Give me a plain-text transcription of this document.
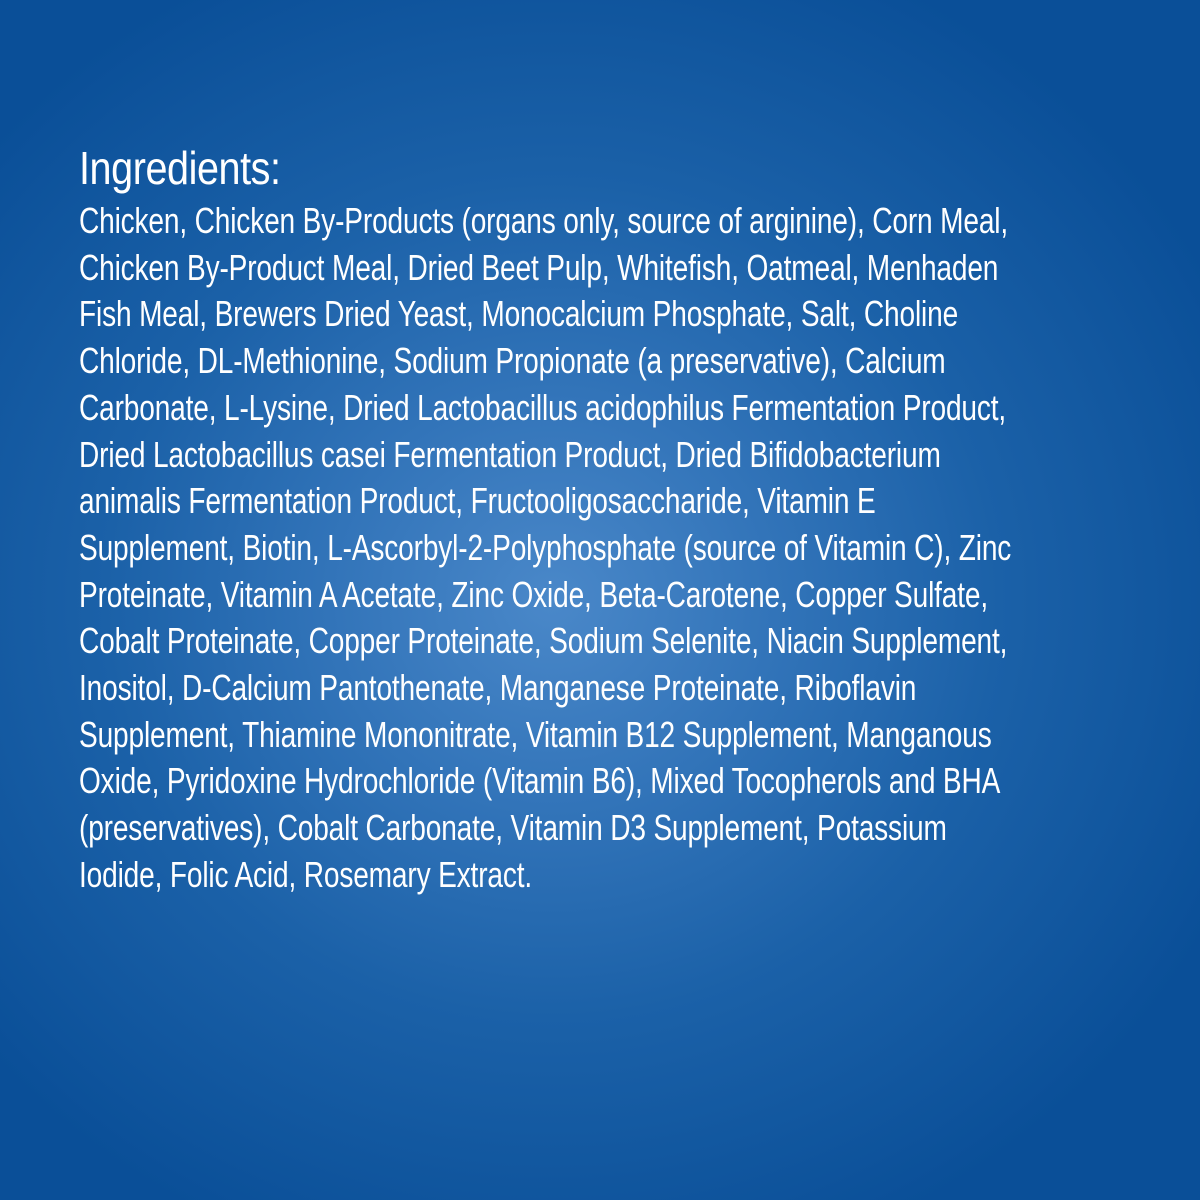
Ingredients:
Chicken, Chicken By-Products (organs only, source of arginine), Corn Meal,
Chicken By-Product Meal, Dried Beet Pulp, Whitefish, Oatmeal, Menhaden
Fish Meal, Brewers Dried Yeast, Monocalcium Phosphate, Salt, Choline
Chloride, DL-Methionine, Sodium Propionate (a preservative), Calcium
Carbonate, L-Lysine, Dried Lactobacillus acidophilus Fermentation Product,
Dried Lactobacillus casei Fermentation Product, Dried Bifidobacterium
animalis Fermentation Product, Fructooligosaccharide, Vitamin E
Supplement, Biotin, L-Ascorbyl-2-Polyphosphate (source of Vitamin C), Zinc
Proteinate, Vitamin A Acetate, Zinc Oxide, Beta-Carotene, Copper Sulfate,
Cobalt Proteinate, Copper Proteinate, Sodium Selenite, Niacin Supplement,
Inositol, D-Calcium Pantothenate, Manganese Proteinate, Riboflavin
Supplement, Thiamine Mononitrate, Vitamin B12 Supplement, Manganous
Oxide, Pyridoxine Hydrochloride (Vitamin B6), Mixed Tocopherols and BHA
(preservatives), Cobalt Carbonate, Vitamin D3 Supplement, Potassium
Iodide, Folic Acid, Rosemary Extract.
